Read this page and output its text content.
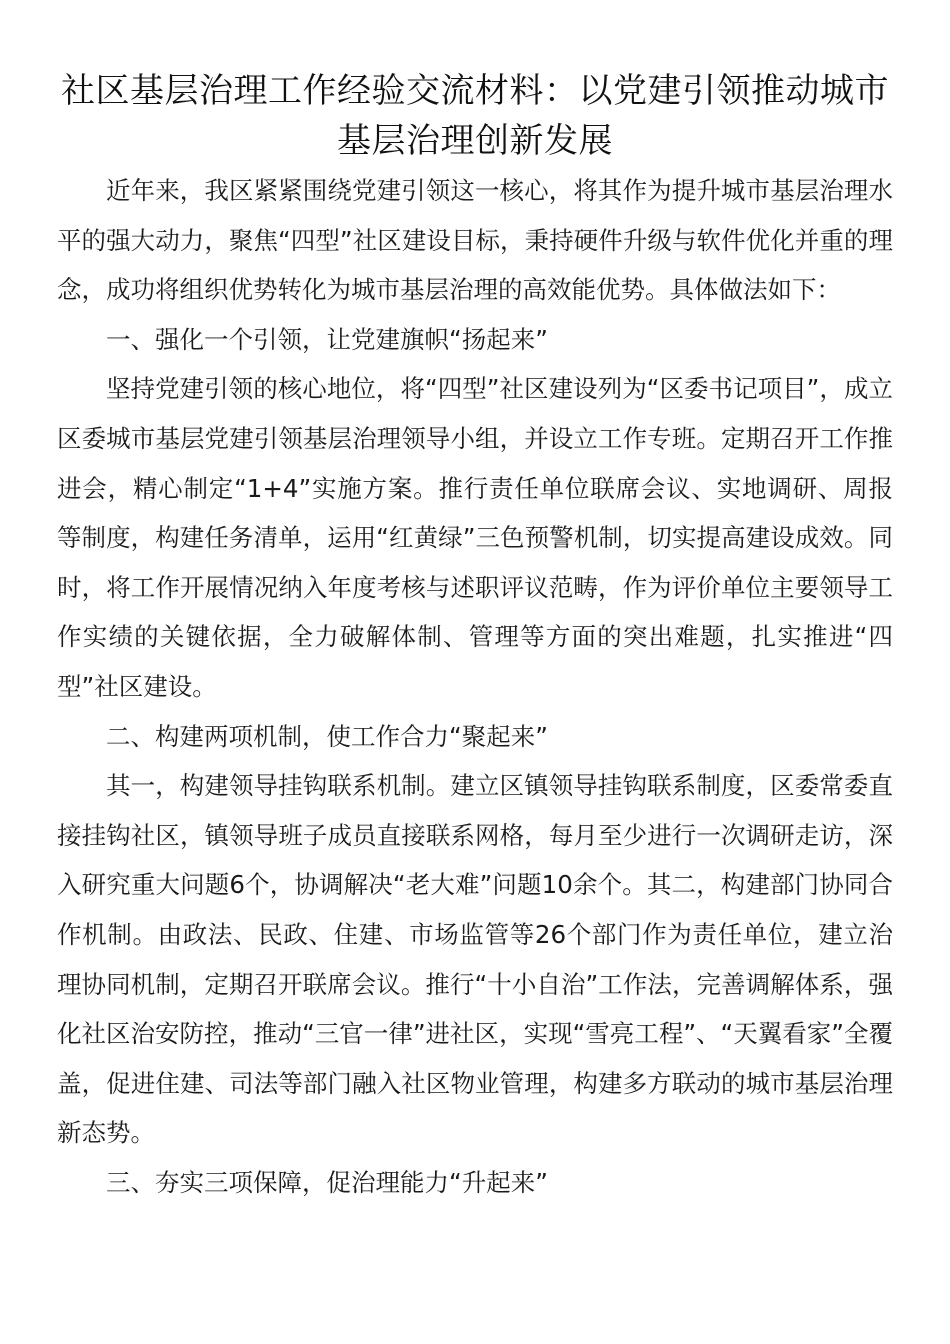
社区基层治理工作经验交流材料：以党建引领推动城市基层治理创新发展

近年来，我区紧紧围绕党建引领这一核心，将其作为提升城市基层治理水平的强大动力，聚焦“四型”社区建设目标，秉持硬件升级与软件优化并重的理念，成功将组织优势转化为城市基层治理的高效能优势。具体做法如下：

一、强化一个引领，让党建旗帜“扬起来”

坚持党建引领的核心地位，将“四型”社区建设列为“区委书记项目”，成立区委城市基层党建引领基层治理领导小组，并设立工作专班。定期召开工作推进会，精心制定“1+4”实施方案。推行责任单位联席会议、实地调研、周报等制度，构建任务清单，运用“红黄绿”三色预警机制，切实提高建设成效。同时，将工作开展情况纳入年度考核与述职评议范畴，作为评价单位主要领导工作实绩的关键依据，全力破解体制、管理等方面的突出难题，扎实推进“四型”社区建设。

二、构建两项机制，使工作合力“聚起来”

其一，构建领导挂钩联系机制。建立区镇领导挂钩联系制度，区委常委直接挂钩社区，镇领导班子成员直接联系网格，每月至少进行一次调研走访，深入研究重大问题6个，协调解决“老大难”问题10余个。其二，构建部门协同合作机制。由政法、民政、住建、市场监管等26个部门作为责任单位，建立治理协同机制，定期召开联席会议。推行“十小自治”工作法，完善调解体系，强化社区治安防控，推动“三官一律”进社区，实现“雪亮工程”、“天翼看家”全覆盖，促进住建、司法等部门融入社区物业管理，构建多方联动的城市基层治理新态势。

三、夯实三项保障，促治理能力“升起来”
